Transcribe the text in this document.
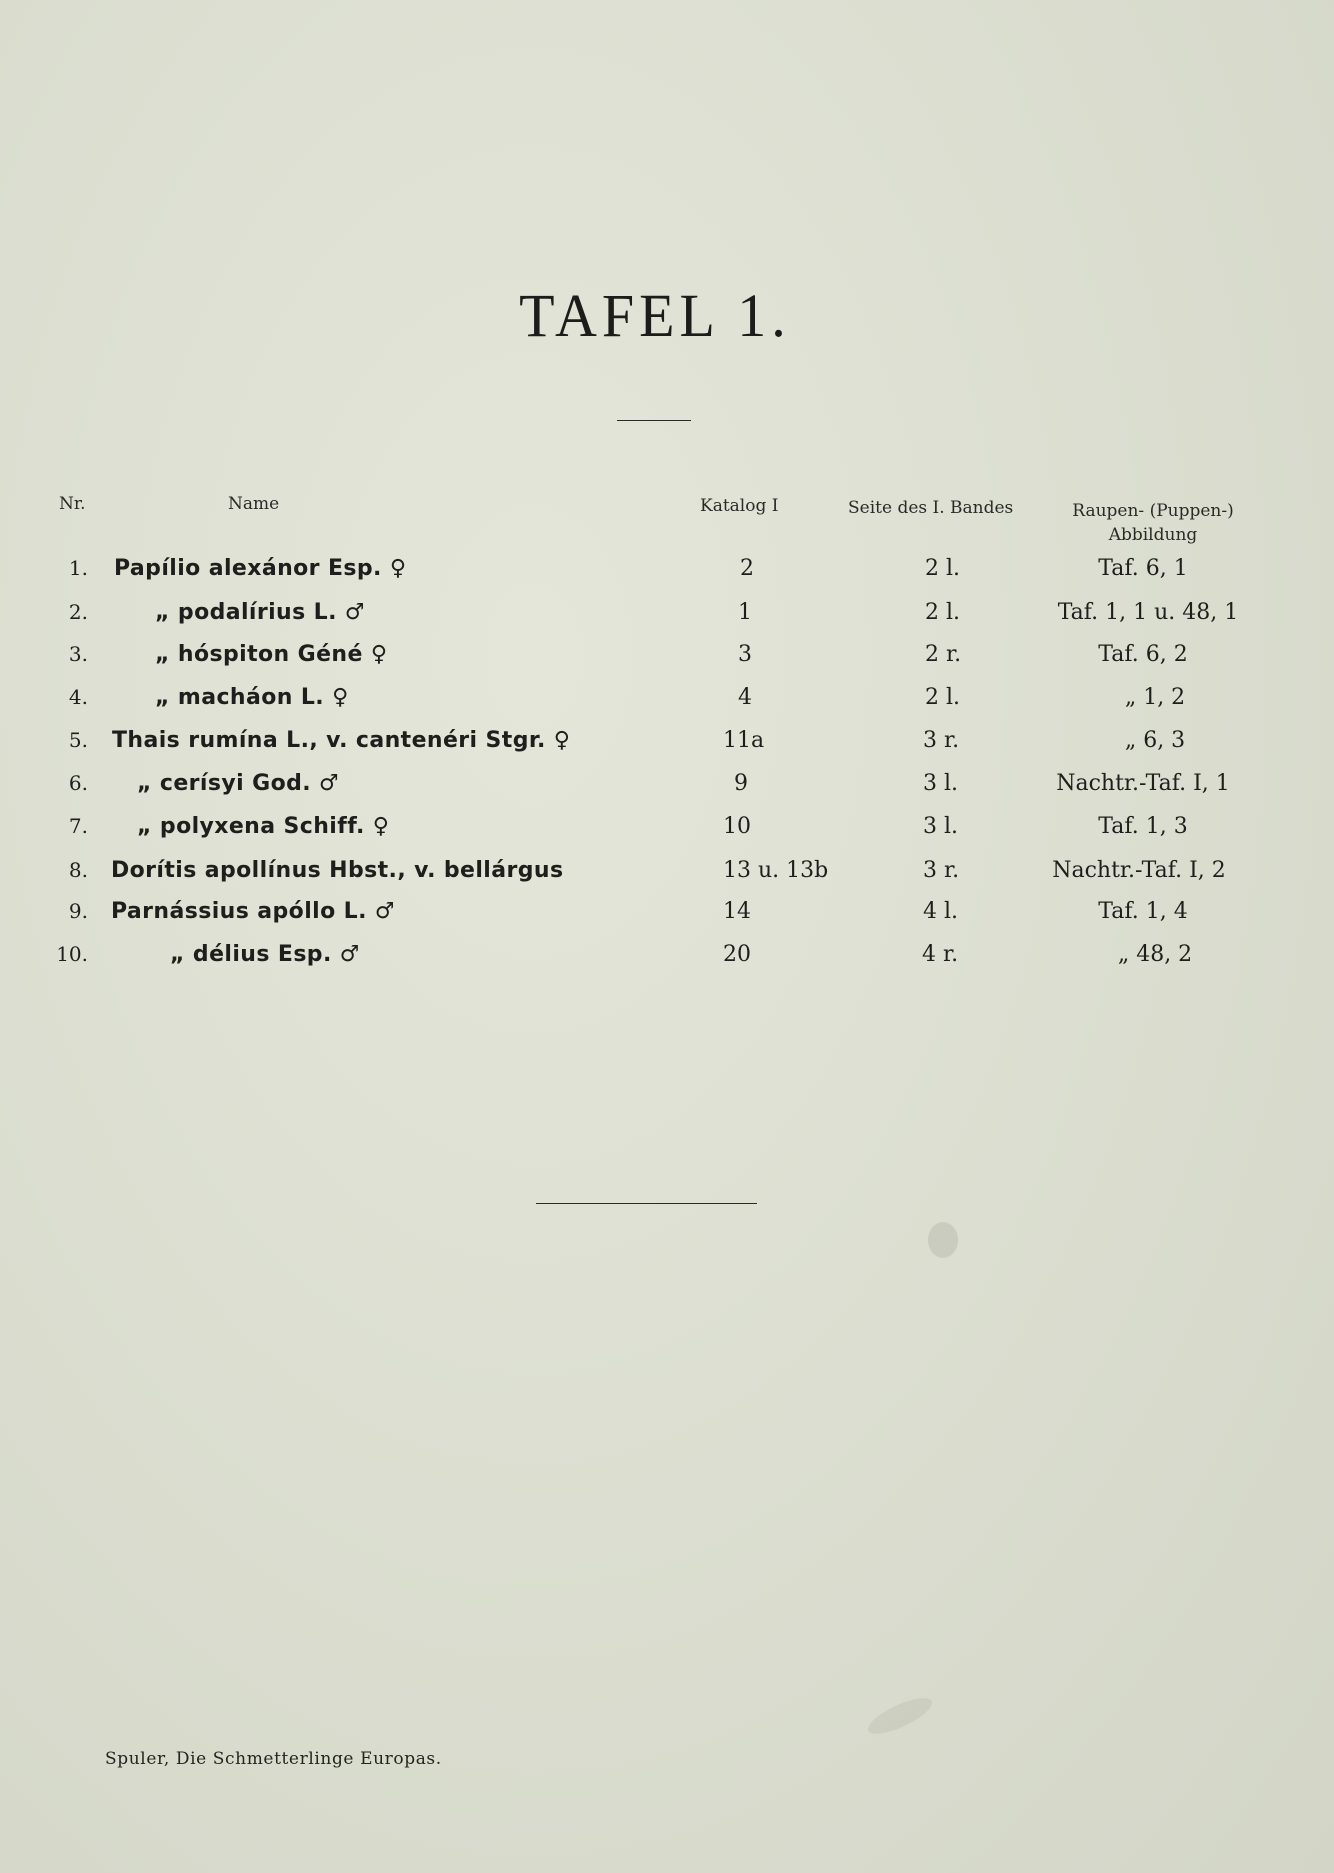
TAFEL 1.
Nr.	Name	Katalog I	Seite des I. Bandes	Raupen- (Puppen-)
Abbildung
1. Papílio alexánor Esp. ♀	2	2 l.	Taf. 6, 1
2.	„ podalírius L. ♂	1	2 l.	Taf. 1, 1 u. 48, 1
3.	„ hóspiton Géné ♀	3	2 r.	Taf. 6, 2
4.	„ macháon L. ♀	4	2 l.	„ 1, 2
5. Thais rumína L., v. cantenéri Stgr. ♀	11a	3 r.	„ 6, 3
6. „ cerísyi God. ♂	9	3 l.	Nachtr.-Taf. I, 1
7. „ polyxena Schiff. ♀	10	3 l.	Taf. 1, 3
8. Dorítis apollínus Hbst., v. bellárgus	13 u. 13b	3 r.	Nachtr.-Taf. I, 2
9. Parnássius apóllo L. ♂	14	4 l.	Taf. 1, 4
10.	„ délius Esp. ♂	20	4 r.	„ 48, 2
Spuler, Die Schmetterlinge Europas.
